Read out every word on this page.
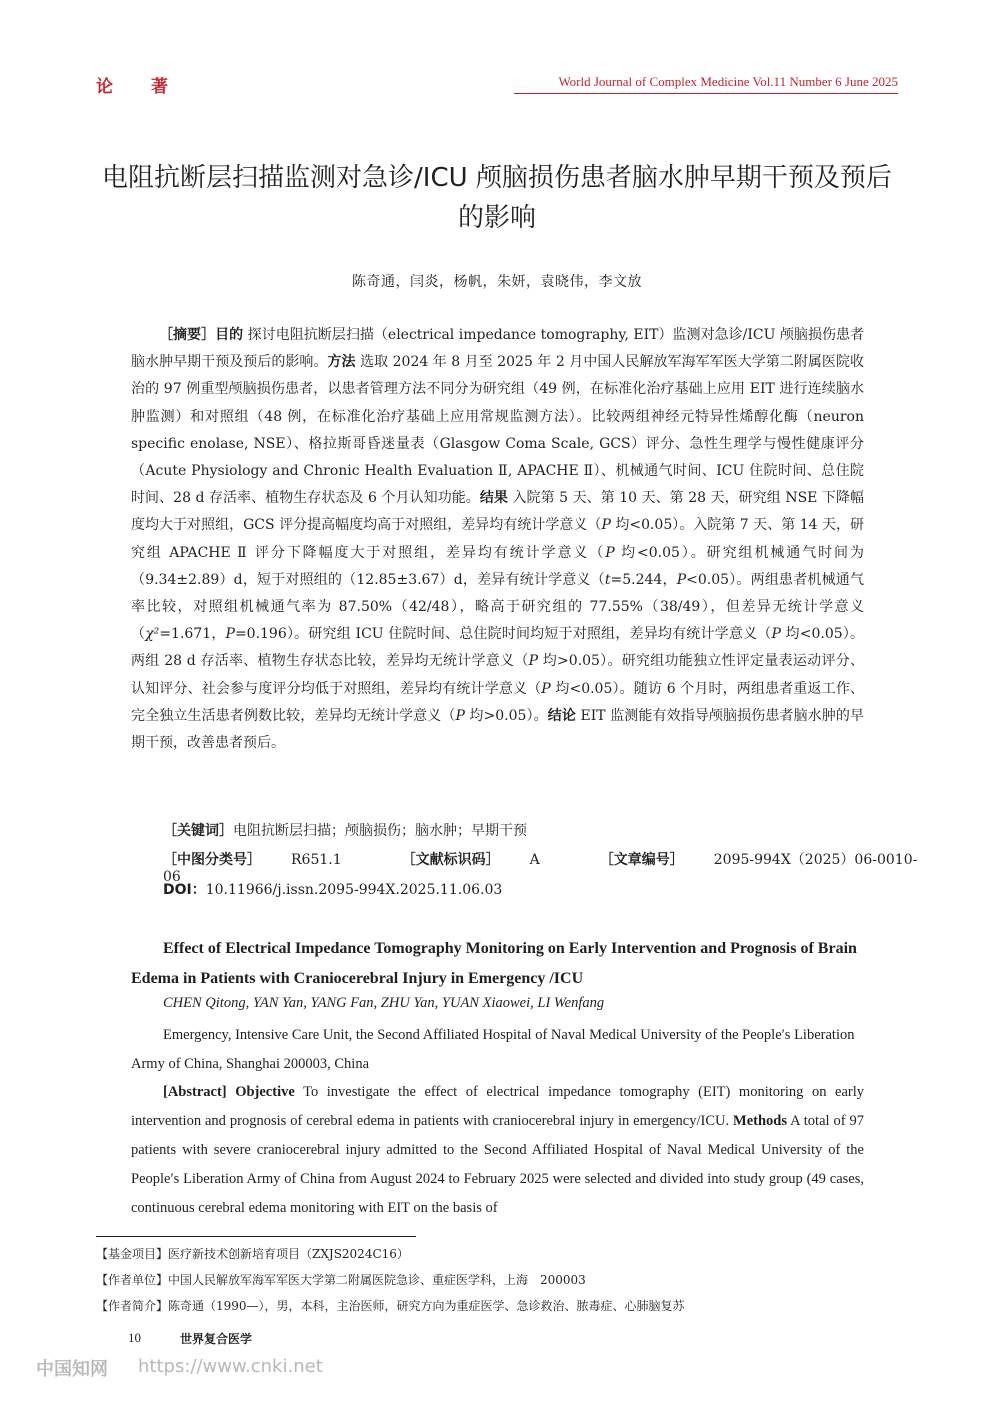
论著	World Journal of Complex Medicine Vol.11 Number 6 June 2025
电阻抗断层扫描监测对急诊/ICU 颅脑损伤患者脑水肿早期干预及预后的影响
陈奇通，闫炎，杨帆，朱妍，袁晓伟，李文放
［摘要］目的 探讨电阻抗断层扫描（electrical impedance tomography, EIT）监测对急诊/ICU 颅脑损伤患者脑水肿早期干预及预后的影响。方法 选取 2024 年 8 月至 2025 年 2 月中国人民解放军海军军医大学第二附属医院收治的 97 例重型颅脑损伤患者，以患者管理方法不同分为研究组（49 例，在标准化治疗基础上应用 EIT 进行连续脑水肿监测）和对照组（48 例，在标准化治疗基础上应用常规监测方法）。比较两组神经元特异性烯醇化酶（neuron specific enolase, NSE）、格拉斯哥昏迷量表（Glasgow Coma Scale, GCS）评分、急性生理学与慢性健康评分（Acute Physiology and Chronic Health Evaluation Ⅱ, APACHE Ⅱ）、机械通气时间、ICU 住院时间、总住院时间、28 d 存活率、植物生存状态及 6 个月认知功能。结果 入院第 5 天、第 10 天、第 28 天，研究组 NSE 下降幅度均大于对照组，GCS 评分提高幅度均高于对照组，差异均有统计学意义（P 均<0.05）。入院第 7 天、第 14 天，研究组 APACHE Ⅱ 评分下降幅度大于对照组，差异均有统计学意义（P 均<0.05）。研究组机械通气时间为（9.34±2.89）d，短于对照组的（12.85±3.67）d，差异有统计学意义（t=5.244，P<0.05）。两组患者机械通气率比较，对照组机械通气率为 87.50%（42/48），略高于研究组的 77.55%（38/49），但差异无统计学意义（χ²=1.671，P=0.196）。研究组 ICU 住院时间、总住院时间均短于对照组，差异均有统计学意义（P 均<0.05）。两组 28 d 存活率、植物生存状态比较，差异均无统计学意义（P 均>0.05）。研究组功能独立性评定量表运动评分、认知评分、社会参与度评分均低于对照组，差异均有统计学意义（P 均<0.05）。随访 6 个月时，两组患者重返工作、完全独立生活患者例数比较，差异均无统计学意义（P 均>0.05）。结论 EIT 监测能有效指导颅脑损伤患者脑水肿的早期干预，改善患者预后。
［关键词］电阻抗断层扫描；颅脑损伤；脑水肿；早期干预
［中图分类号］ R651.1	［文献标识码］ A	［文章编号］ 2095-994X（2025）06-0010-06
DOI：10.11966/j.issn.2095-994X.2025.11.06.03
Effect of Electrical Impedance Tomography Monitoring on Early Intervention and Prognosis of Brain Edema in Patients with Craniocerebral Injury in Emergency /ICU
CHEN Qitong, YAN Yan, YANG Fan, ZHU Yan, YUAN Xiaowei, LI Wenfang
Emergency, Intensive Care Unit, the Second Affiliated Hospital of Naval Medical University of the People′s Liberation Army of China, Shanghai 200003, China
[Abstract] Objective To investigate the effect of electrical impedance tomography (EIT) monitoring on early intervention and prognosis of cerebral edema in patients with craniocerebral injury in emergency/ICU. Methods A total of 97 patients with severe craniocerebral injury admitted to the Second Affiliated Hospital of Naval Medical University of the People′s Liberation Army of China from August 2024 to February 2025 were selected and divided into study group (49 cases, continuous cerebral edema monitoring with EIT on the basis of
【基金项目】医疗新技术创新培育项目（ZXJS2024C16）
【作者单位】中国人民解放军海军军医大学第二附属医院急诊、重症医学科，上海　200003
【作者简介】陈奇通（1990—），男，本科，主治医师，研究方向为重症医学、急诊救治、脓毒症、心肺脑复苏
10	世界复合医学
中国知网 https://www.cnki.net
